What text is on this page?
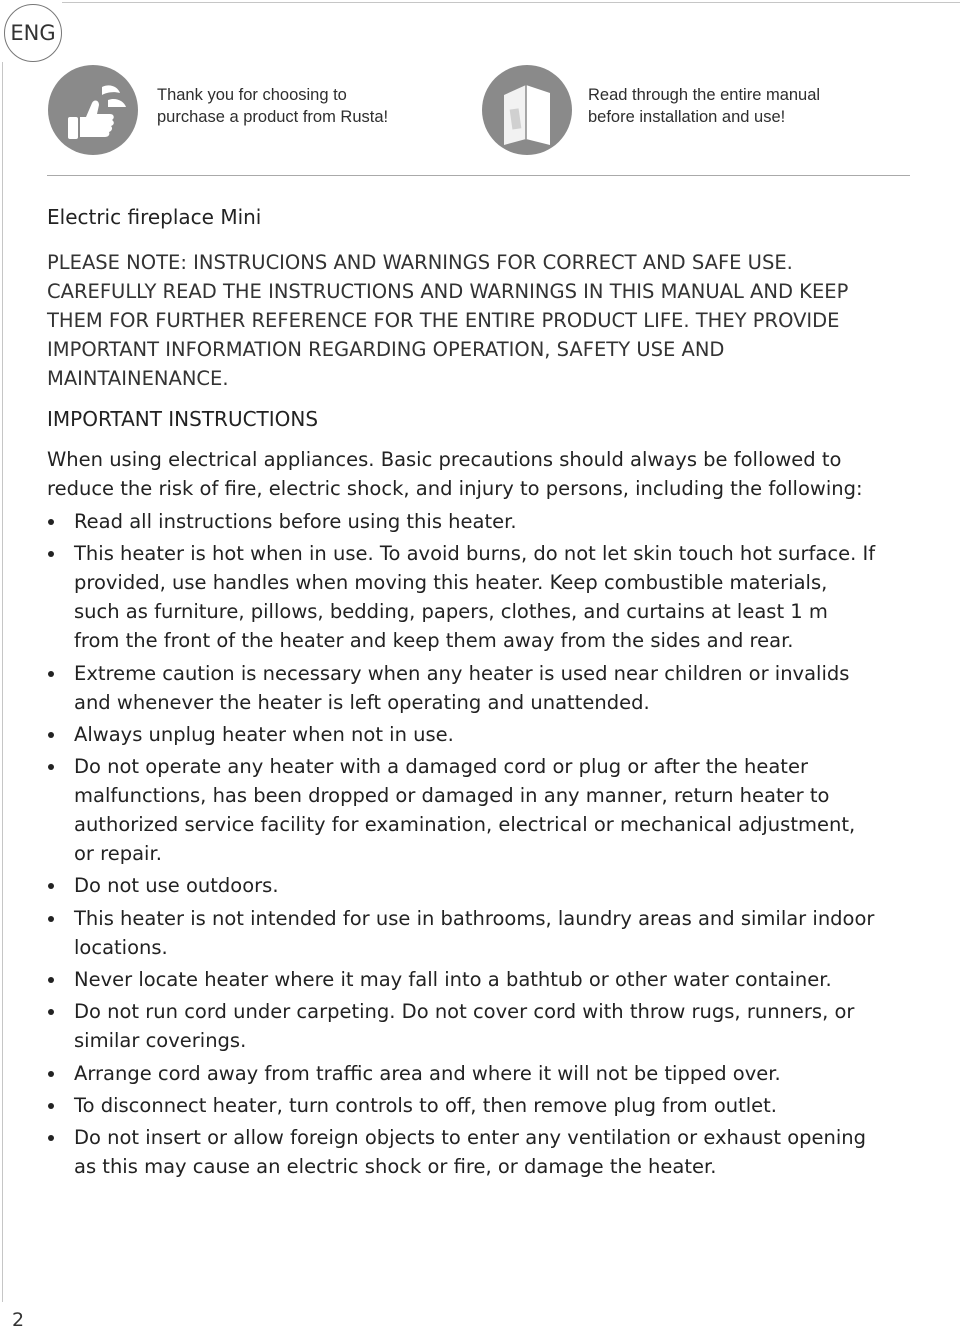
ENG
Thank you for choosing to purchase a product from Rusta!
Read through the entire manual before installation and use!
Electric fireplace Mini
PLEASE NOTE: INSTRUCIONS AND WARNINGS FOR CORRECT AND SAFE USE. CAREFULLY READ THE INSTRUCTIONS AND WARNINGS IN THIS MANUAL AND KEEP THEM FOR FURTHER REFERENCE FOR THE ENTIRE PRODUCT LIFE. THEY PROVIDE IMPORTANT INFORMATION REGARDING OPERATION, SAFETY USE AND MAINTAINENANCE.
IMPORTANT INSTRUCTIONS
When using electrical appliances. Basic precautions should always be followed to reduce the risk of fire, electric shock, and injury to persons, including the following:
Read all instructions before using this heater.
This heater is hot when in use. To avoid burns, do not let skin touch hot surface. If provided, use handles when moving this heater. Keep combustible materials, such as furniture, pillows, bedding, papers, clothes, and curtains at least 1 m from the front of the heater and keep them away from the sides and rear.
Extreme caution is necessary when any heater is used near children or invalids and whenever the heater is left operating and unattended.
Always unplug heater when not in use.
Do not operate any heater with a damaged cord or plug or after the heater malfunctions, has been dropped or damaged in any manner, return heater to authorized service facility for examination, electrical or mechanical adjustment, or repair.
Do not use outdoors.
This heater is not intended for use in bathrooms, laundry areas and similar indoor locations.
Never locate heater where it may fall into a bathtub or other water container.
Do not run cord under carpeting. Do not cover cord with throw rugs, runners, or similar coverings.
Arrange cord away from traffic area and where it will not be tipped over.
To disconnect heater, turn controls to off, then remove plug from outlet.
Do not insert or allow foreign objects to enter any ventilation or exhaust opening as this may cause an electric shock or fire, or damage the heater.
2
